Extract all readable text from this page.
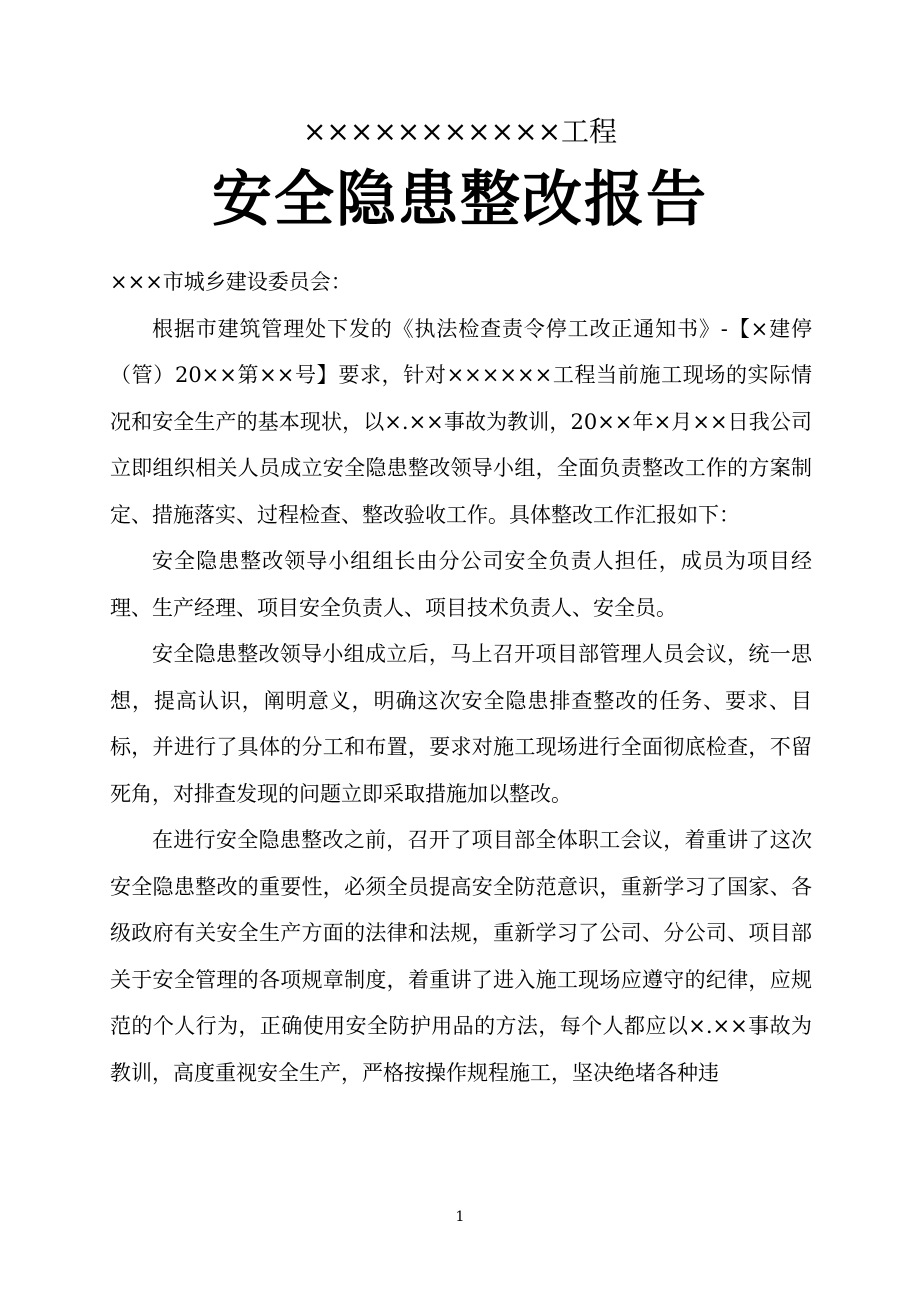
×××××××××××工程
安全隐患整改报告

×××市城乡建设委员会：

根据市建筑管理处下发的《执法检查责令停工改正通知书》-【×建停（管）20××第××号】要求，针对××××××工程当前施工现场的实际情况和安全生产的基本现状，以×.××事故为教训，20××年×月××日我公司立即组织相关人员成立安全隐患整改领导小组，全面负责整改工作的方案制定、措施落实、过程检查、整改验收工作。具体整改工作汇报如下：

安全隐患整改领导小组组长由分公司安全负责人担任，成员为项目经理、生产经理、项目安全负责人、项目技术负责人、安全员。

安全隐患整改领导小组成立后，马上召开项目部管理人员会议，统一思想，提高认识，阐明意义，明确这次安全隐患排查整改的任务、要求、目标，并进行了具体的分工和布置，要求对施工现场进行全面彻底检查，不留死角，对排查发现的问题立即采取措施加以整改。

在进行安全隐患整改之前，召开了项目部全体职工会议，着重讲了这次安全隐患整改的重要性，必须全员提高安全防范意识，重新学习了国家、各级政府有关安全生产方面的法律和法规，重新学习了公司、分公司、项目部关于安全管理的各项规章制度，着重讲了进入施工现场应遵守的纪律，应规范的个人行为，正确使用安全防护用品的方法，每个人都应以×.××事故为教训，高度重视安全生产，严格按操作规程施工，坚决绝堵各种违

1
